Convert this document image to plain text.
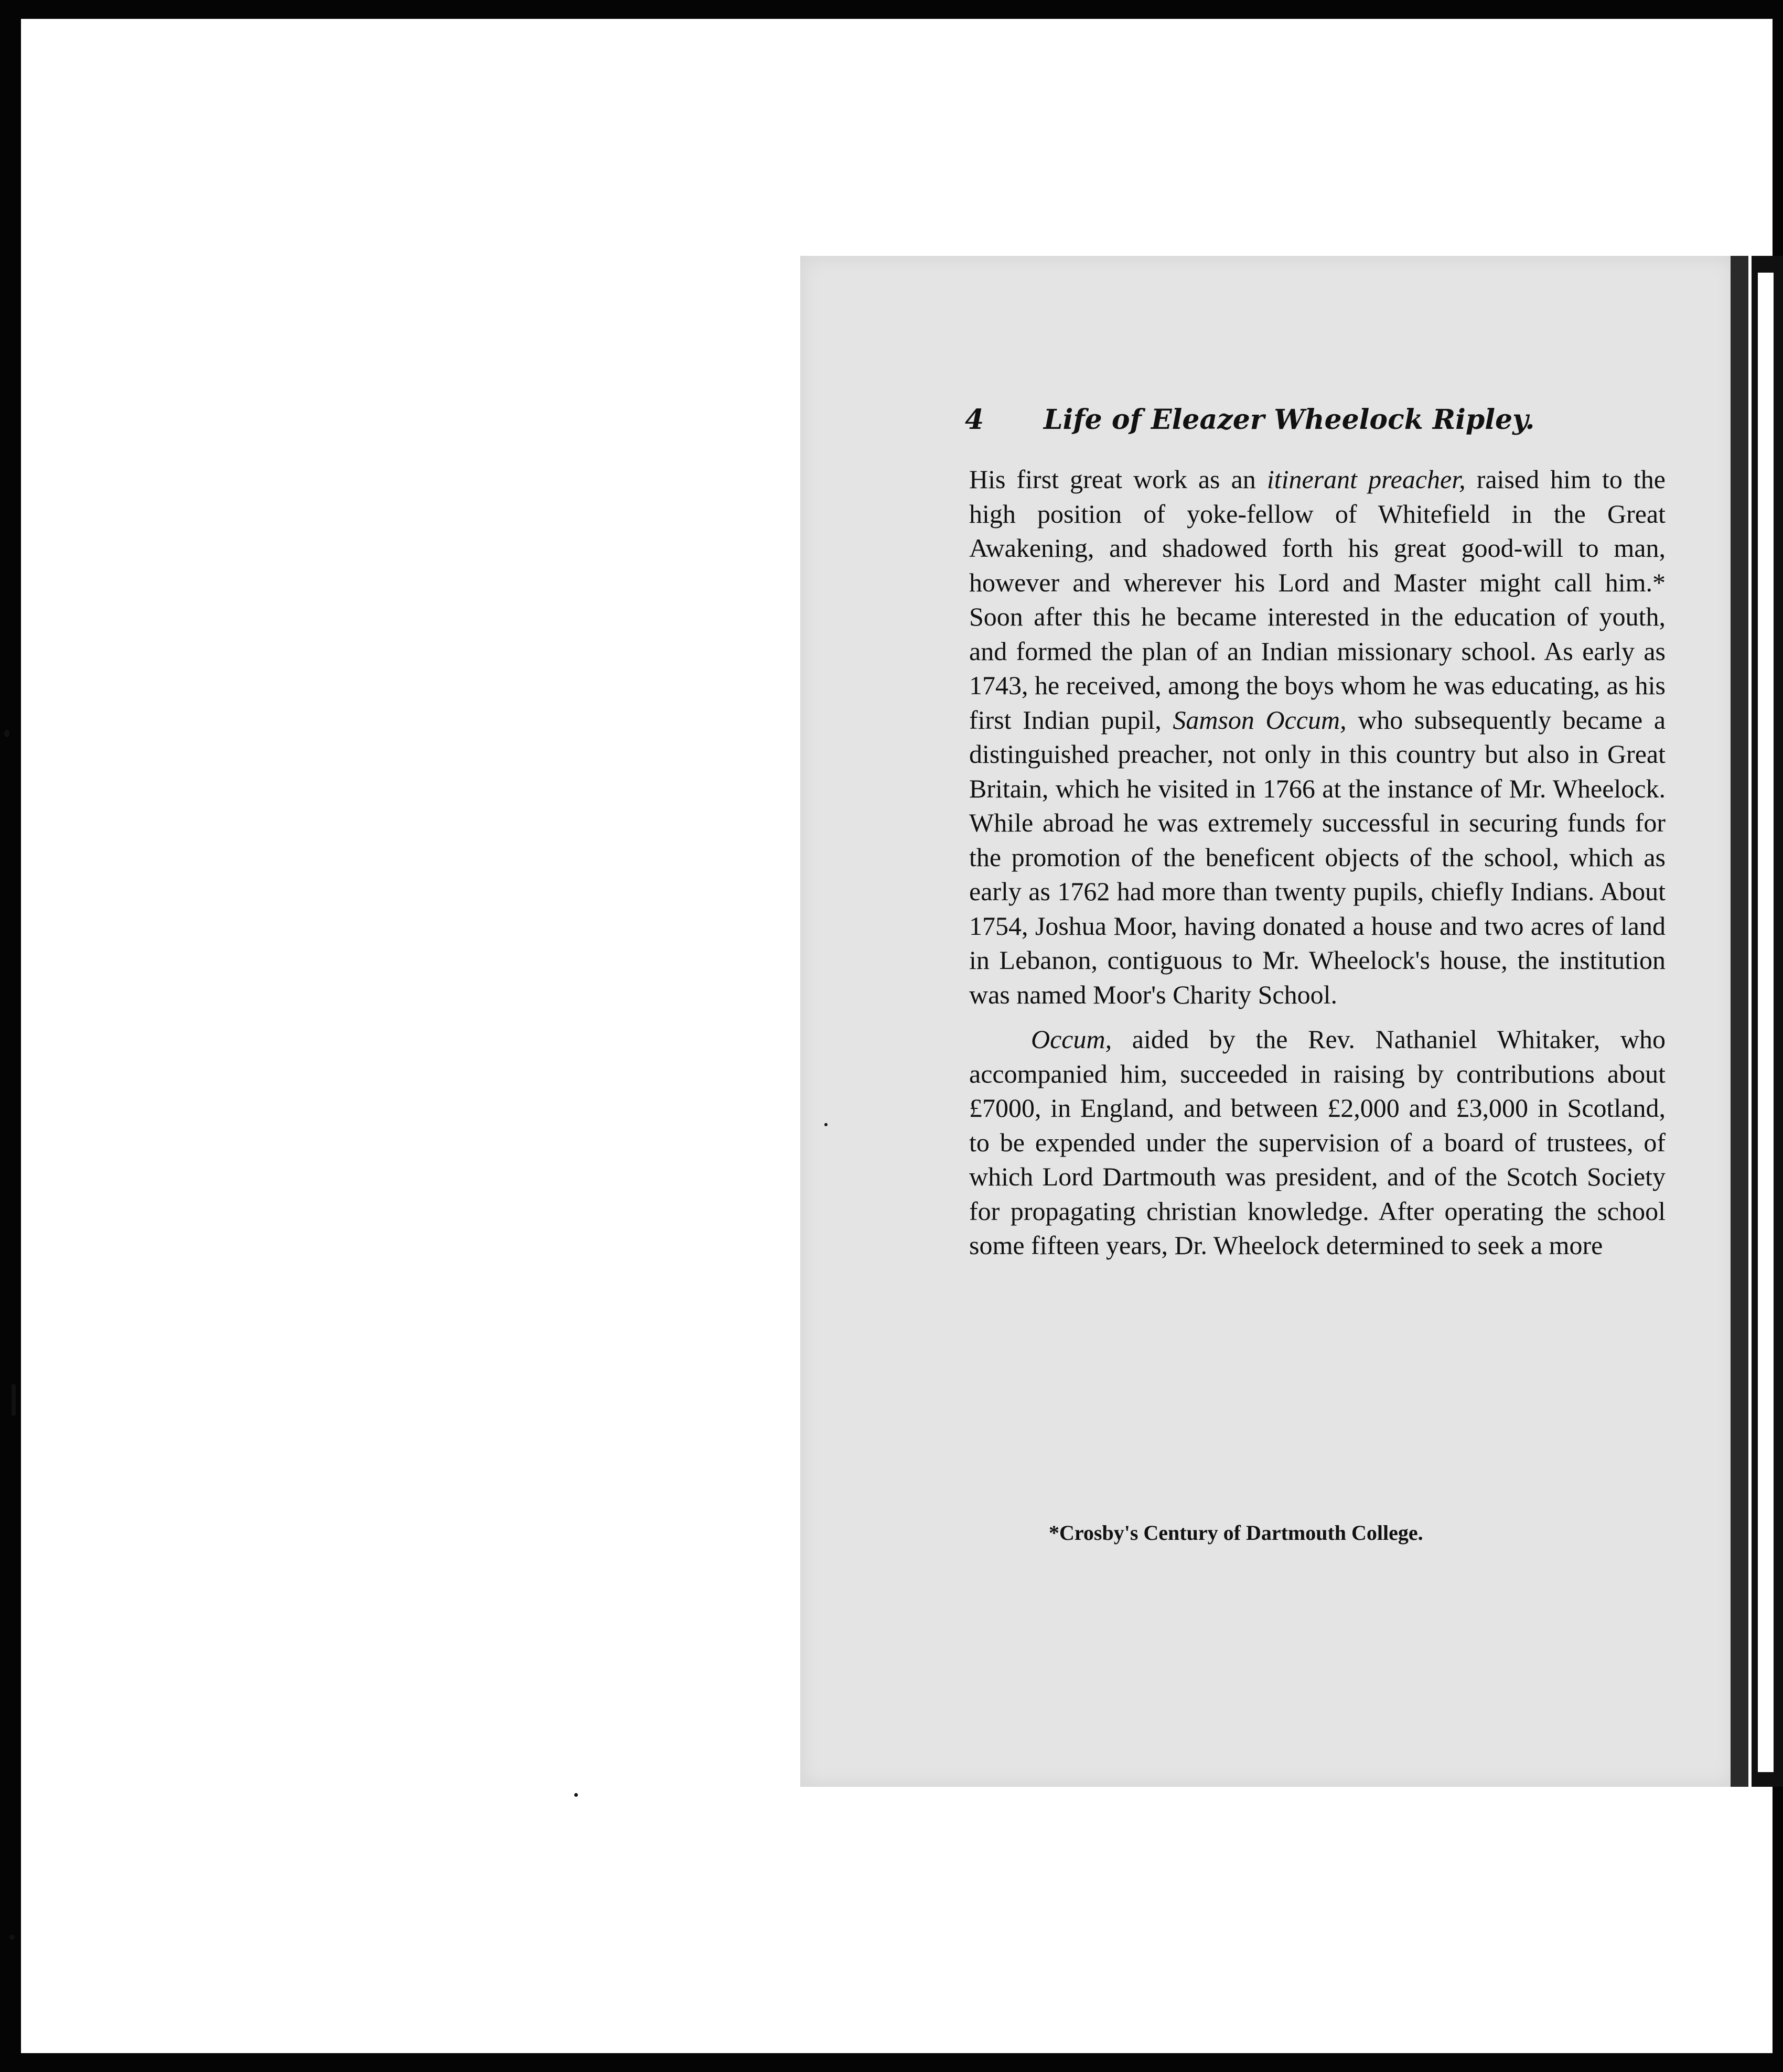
4 Life of Eleazer Wheelock Ripley.

His first great work as an itinerant preacher, raised him to the high position of yoke-fellow of Whitefield in the Great Awakening, and shadowed forth his great good-will to man, however and wherever his Lord and Master might call him.* Soon after this he became interested in the education of youth, and formed the plan of an Indian missionary school. As early as 1743, he received, among the boys whom he was educating, as his first Indian pupil, Samson Occum, who subsequently became a distinguished preacher, not only in this country but also in Great Britain, which he visited in 1766 at the instance of Mr. Wheelock. While abroad he was extremely successful in securing funds for the promotion of the beneficent objects of the school, which as early as 1762 had more than twenty pupils, chiefly Indians. About 1754, Joshua Moor, having donated a house and two acres of land in Lebanon, contiguous to Mr. Wheelock's house, the institution was named Moor's Charity School.

Occum, aided by the Rev. Nathaniel Whitaker, who accompanied him, succeeded in raising by contributions about £7000, in England, and between £2,000 and £3,000 in Scotland, to be expended under the supervision of a board of trustees, of which Lord Dartmouth was president, and of the Scotch Society for propagating christian knowledge. After operating the school some fifteen years, Dr. Wheelock determined to seek a more

*Crosby's Century of Dartmouth College.
